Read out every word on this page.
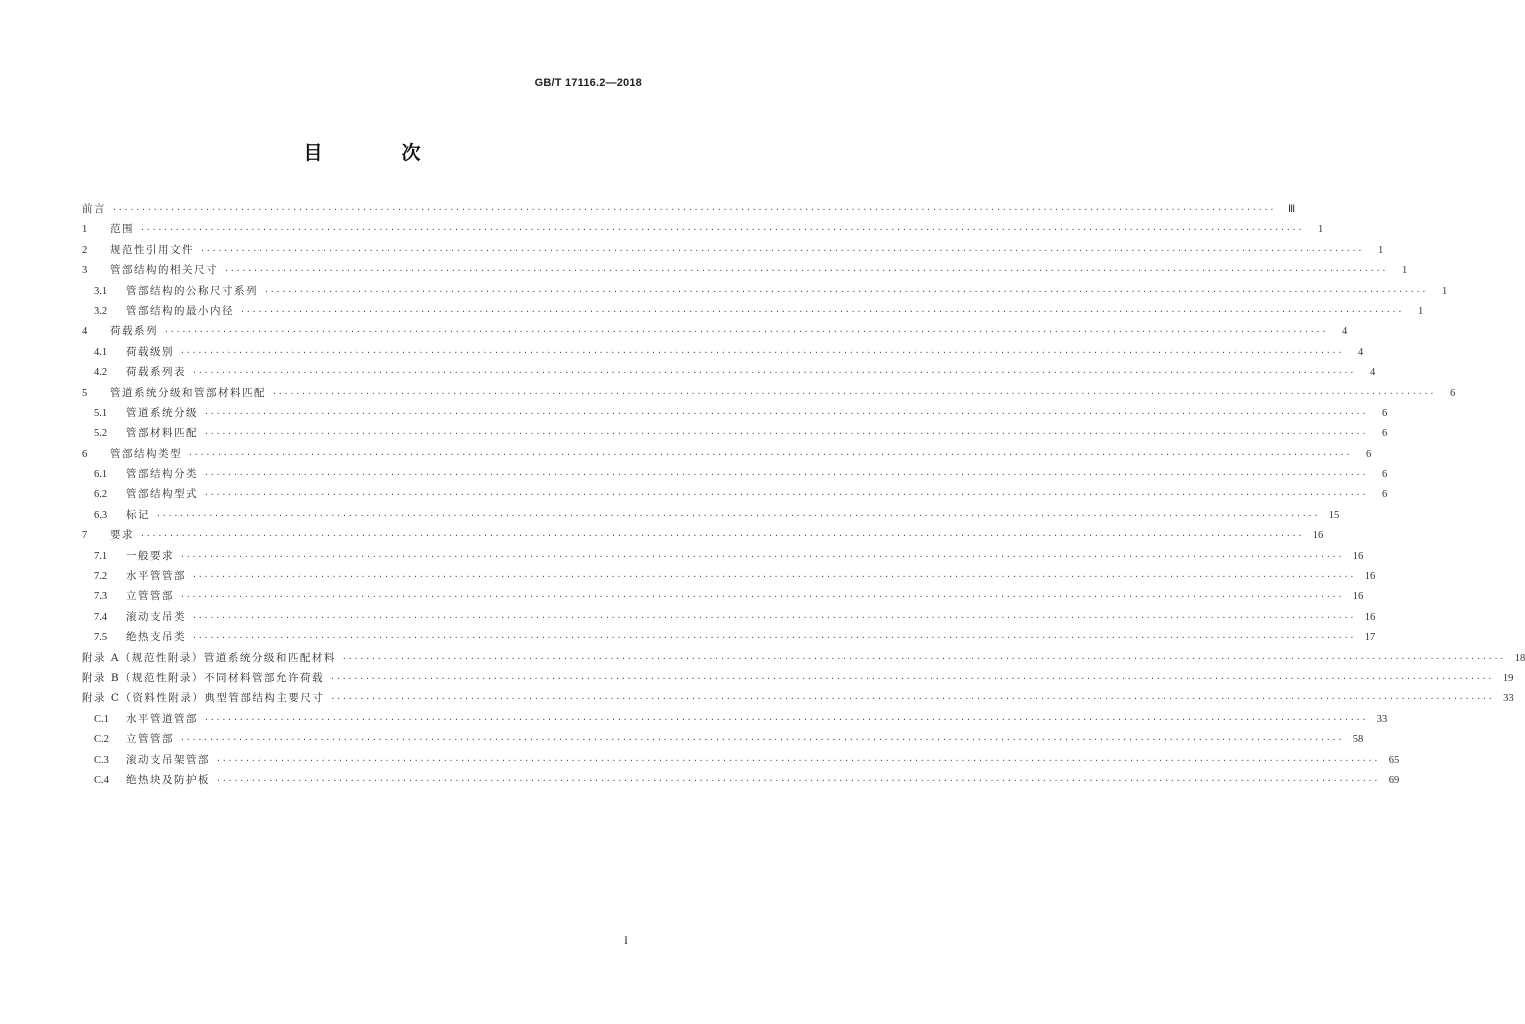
GB/T 17116.2—2018
目　次
前言 ········································································································································································································	Ⅲ
1	范围 ········································································································································································································	1
2	规范性引用文件 ········································································································································································································	1
3	管部结构的相关尺寸 ········································································································································································································	1
3.1	管部结构的公称尺寸系列 ········································································································································································································	1
3.2	管部结构的最小内径 ········································································································································································································	1
4	荷载系列 ········································································································································································································	4
4.1	荷载级别 ········································································································································································································	4
4.2	荷载系列表 ········································································································································································································	4
5	管道系统分级和管部材料匹配 ········································································································································································································	6
5.1	管道系统分级 ········································································································································································································	6
5.2	管部材料匹配 ········································································································································································································	6
6	管部结构类型 ········································································································································································································	6
6.1	管部结构分类 ········································································································································································································	6
6.2	管部结构型式 ········································································································································································································	6
6.3	标记 ········································································································································································································ 15
7	要求 ········································································································································································································ 16
7.1	一般要求 ········································································································································································································ 16
7.2	水平管管部 ········································································································································································································ 16
7.3	立管管部 ········································································································································································································ 16
7.4	滚动支吊类 ········································································································································································································ 16
7.5	绝热支吊类 ········································································································································································································ 17
附录 A（规范性附录）管道系统分级和匹配材料 ········································································································································································································ 18
附录 B（规范性附录）不同材料管部允许荷载 ········································································································································································································ 19
附录 C（资料性附录）典型管部结构主要尺寸 ········································································································································································································ 33
C.1	水平管道管部 ········································································································································································································ 33
C.2	立管管部 ········································································································································································································ 58
C.3	滚动支吊架管部 ········································································································································································································ 65
C.4	绝热块及防护板 ········································································································································································································ 69
I
